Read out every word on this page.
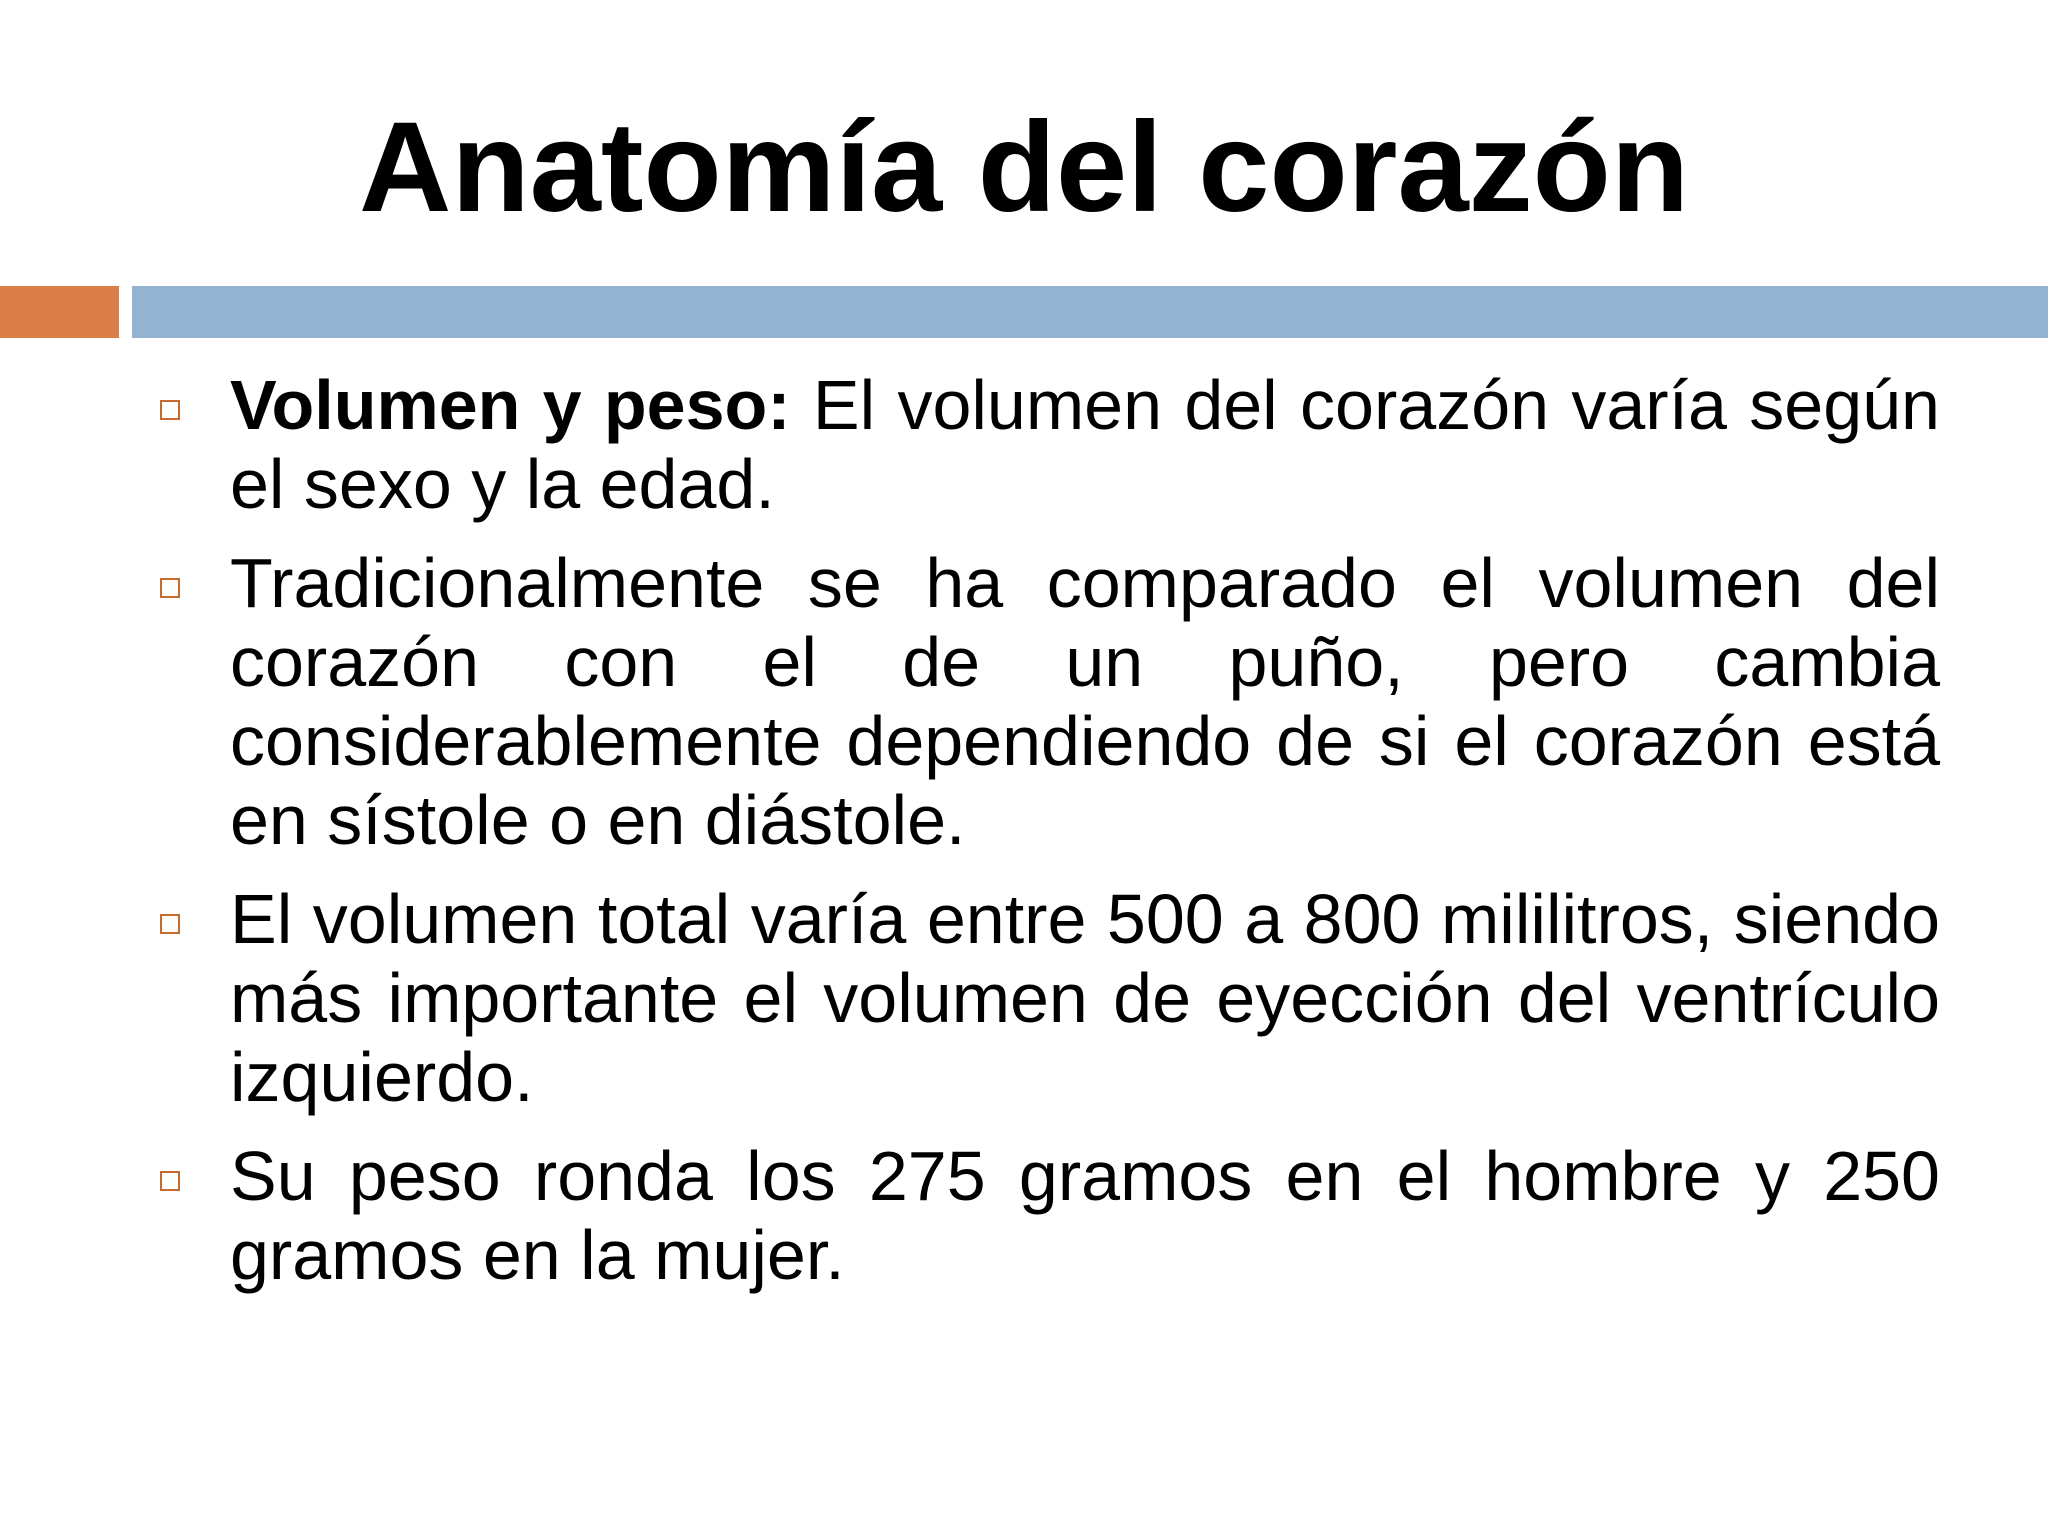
Anatomía del corazón
Volumen y peso: El volumen del corazón varía según el sexo y la edad.
Tradicionalmente se ha comparado el volumen del corazón con el de un puño, pero cambia considerablemente dependiendo de si el corazón está en sístole o en diástole.
El volumen total varía entre 500 a 800 mililitros, siendo más importante el volumen de eyección del ventrículo izquierdo.
Su peso ronda los 275 gramos en el hombre y 250 gramos en la mujer.
